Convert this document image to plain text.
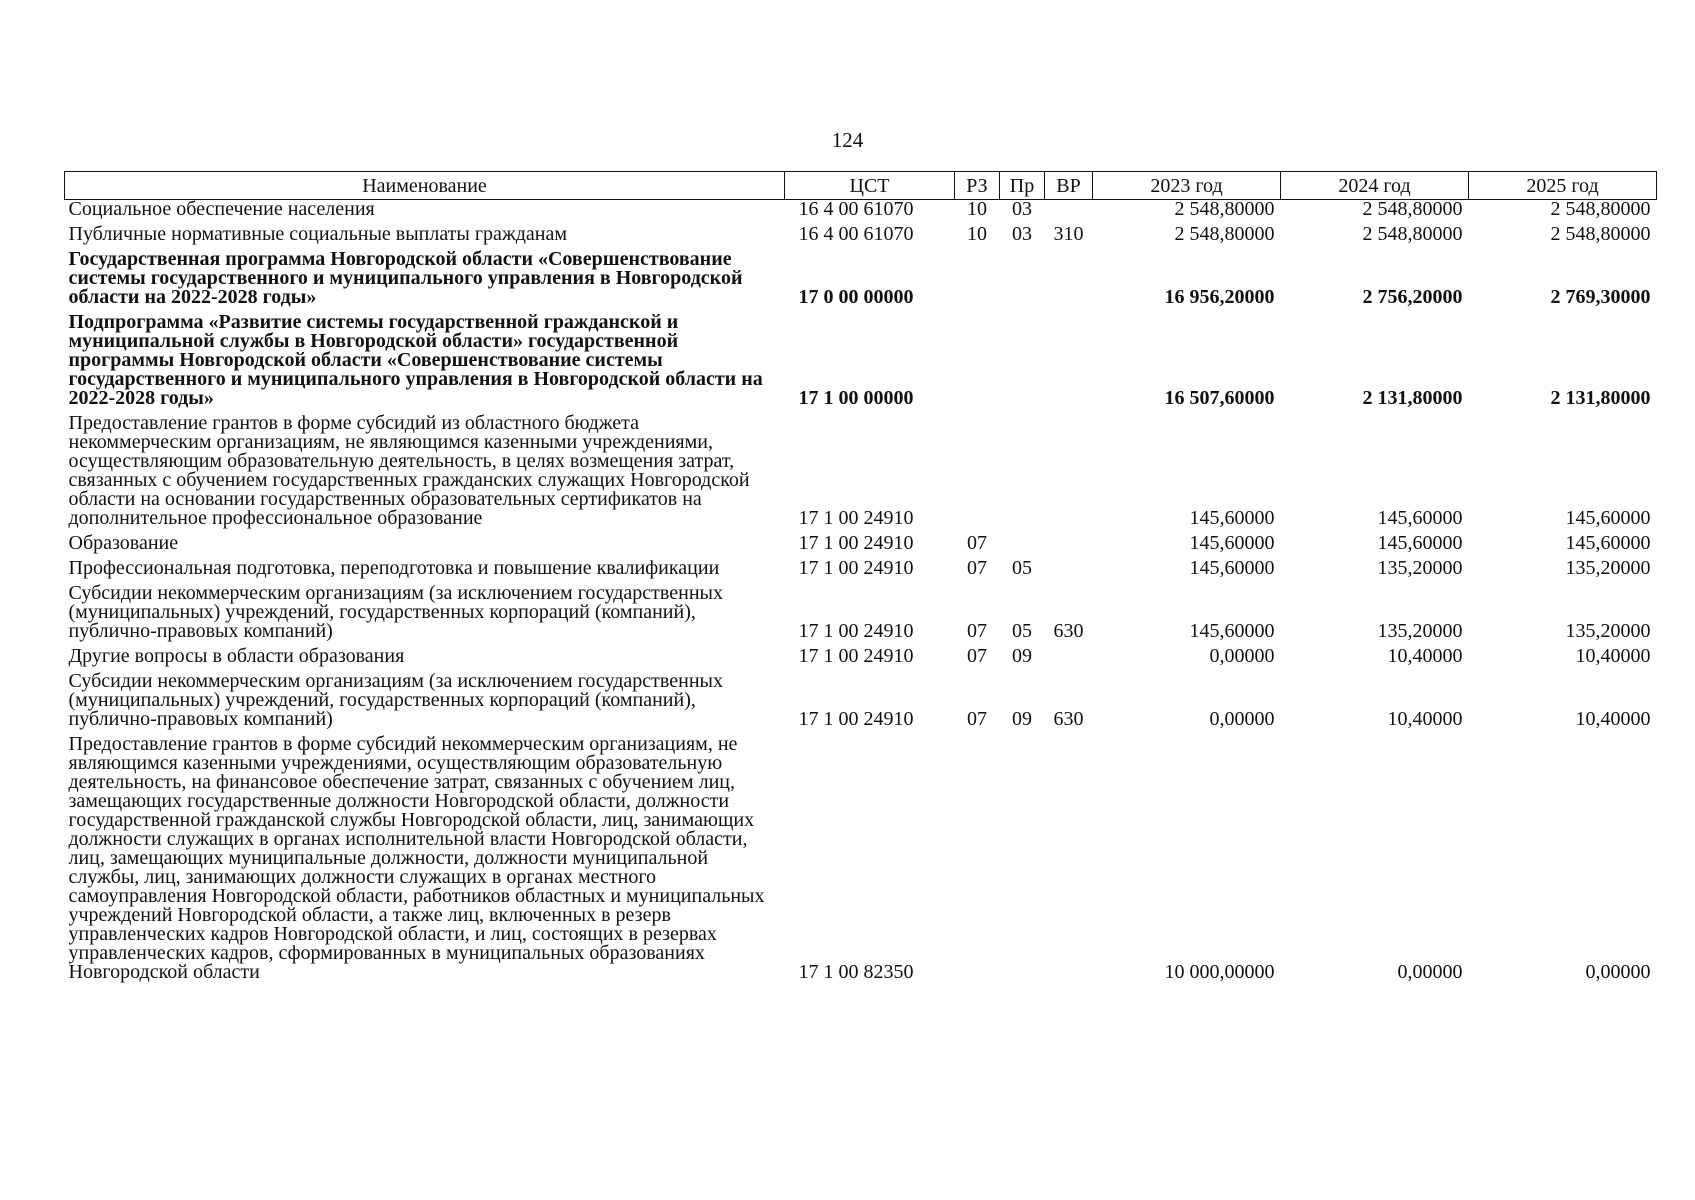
124
Наименование	ЦСТ	РЗ	Пр	ВР	2023 год	2024 год	2025 год
Социальное обеспечение населения	16 4 00 61070	10	03		2 548,80000	2 548,80000	2 548,80000
Публичные нормативные социальные выплаты гражданам	16 4 00 61070	10	03	310	2 548,80000	2 548,80000	2 548,80000
Государственная программа Новгородской области «Совершенствование системы государственного и муниципального управления в Новгородской области на 2022-2028 годы»	17 0 00 00000				16 956,20000	2 756,20000	2 769,30000
Подпрограмма «Развитие системы государственной гражданской и муниципальной службы в Новгородской области» государственной программы Новгородской области «Совершенствование системы государственного и муниципального управления в Новгородской области на 2022-2028 годы»	17 1 00 00000				16 507,60000	2 131,80000	2 131,80000
Предоставление грантов в форме субсидий из областного бюджета некоммерческим организациям, не являющимся казенными учреждениями, осуществляющим образовательную деятельность, в целях возмещения затрат, связанных с обучением государственных гражданских служащих Новгородской области на основании государственных образовательных сертификатов на дополнительное профессиональное образование	17 1 00 24910				145,60000	145,60000	145,60000
Образование	17 1 00 24910	07			145,60000	145,60000	145,60000
Профессиональная подготовка, переподготовка и повышение квалификации	17 1 00 24910	07	05		145,60000	135,20000	135,20000
Субсидии некоммерческим организациям (за исключением государственных (муниципальных) учреждений, государственных корпораций (компаний), публично-правовых компаний)	17 1 00 24910	07	05	630	145,60000	135,20000	135,20000
Другие вопросы в области образования	17 1 00 24910	07	09		0,00000	10,40000	10,40000
Субсидии некоммерческим организациям (за исключением государственных (муниципальных) учреждений, государственных корпораций (компаний), публично-правовых компаний)	17 1 00 24910	07	09	630	0,00000	10,40000	10,40000
Предоставление грантов в форме субсидий некоммерческим организациям, не являющимся казенными учреждениями, осуществляющим образовательную деятельность, на финансовое обеспечение затрат, связанных с обучением лиц, замещающих государственные должности Новгородской области, должности государственной гражданской службы Новгородской области, лиц, занимающих должности служащих в органах исполнительной власти Новгородской области, лиц, замещающих муниципальные должности, должности муниципальной службы, лиц, занимающих должности служащих в органах местного самоуправления Новгородской области, работников областных и муниципальных учреждений Новгородской области, а также лиц, включенных в резерв управленческих кадров Новгородской области, и лиц, состоящих в резервах управленческих кадров, сформированных в муниципальных образованиях Новгородской области	17 1 00 82350				10 000,00000	0,00000	0,00000
